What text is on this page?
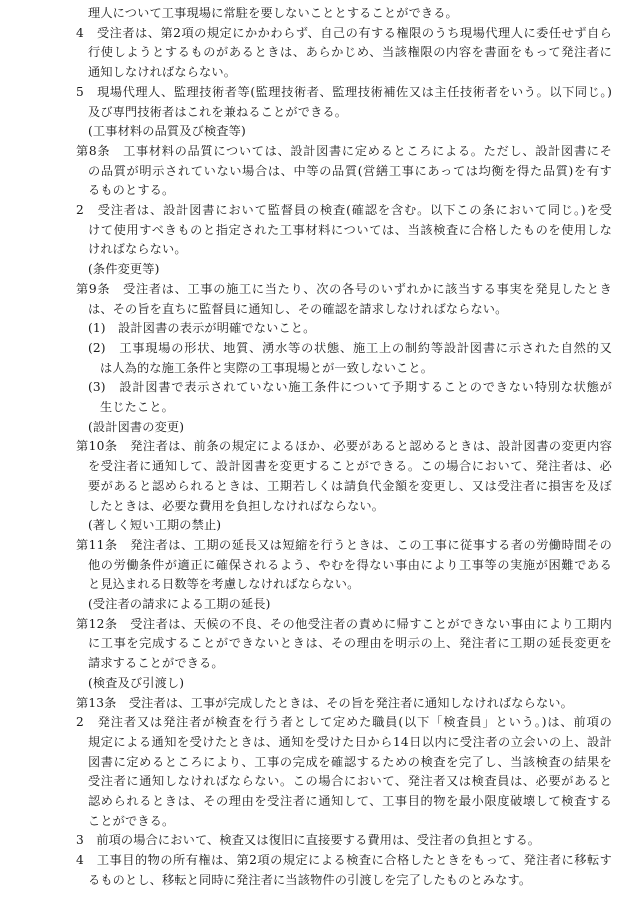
理人について工事現場に常駐を要しないこととすることができる。
4　受注者は、第2項の規定にかかわらず、自己の有する権限のうち現場代理人に委任せず自ら
行使しようとするものがあるときは、あらかじめ、当該権限の内容を書面をもって発注者に
通知しなければならない。
5　現場代理人、監理技術者等(監理技術者、監理技術補佐又は主任技術者をいう。以下同じ。)
及び専門技術者はこれを兼ねることができる。
(工事材料の品質及び検査等)
第8条　工事材料の品質については、設計図書に定めるところによる。ただし、設計図書にそ
の品質が明示されていない場合は、中等の品質(営繕工事にあっては均衡を得た品質)を有す
るものとする。
2　受注者は、設計図書において監督員の検査(確認を含む。以下この条において同じ。)を受
けて使用すべきものと指定された工事材料については、当該検査に合格したものを使用しな
ければならない。
(条件変更等)
第9条　受注者は、工事の施工に当たり、次の各号のいずれかに該当する事実を発見したとき
は、その旨を直ちに監督員に通知し、その確認を請求しなければならない。
(1)　設計図書の表示が明確でないこと。
(2)　工事現場の形状、地質、湧水等の状態、施工上の制約等設計図書に示された自然的又
は人為的な施工条件と実際の工事現場とが一致しないこと。
(3)　設計図書で表示されていない施工条件について予期することのできない特別な状態が
生じたこと。
(設計図書の変更)
第10条　発注者は、前条の規定によるほか、必要があると認めるときは、設計図書の変更内容
を受注者に通知して、設計図書を変更することができる。この場合において、発注者は、必
要があると認められるときは、工期若しくは請負代金額を変更し、又は受注者に損害を及ぼ
したときは、必要な費用を負担しなければならない。
(著しく短い工期の禁止)
第11条　発注者は、工期の延長又は短縮を行うときは、この工事に従事する者の労働時間その
他の労働条件が適正に確保されるよう、やむを得ない事由により工事等の実施が困難である
と見込まれる日数等を考慮しなければならない。
(受注者の請求による工期の延長)
第12条　受注者は、天候の不良、その他受注者の責めに帰すことができない事由により工期内
に工事を完成することができないときは、その理由を明示の上、発注者に工期の延長変更を
請求することができる。
(検査及び引渡し)
第13条　受注者は、工事が完成したときは、その旨を発注者に通知しなければならない。
2　発注者又は発注者が検査を行う者として定めた職員(以下「検査員」という。)は、前項の
規定による通知を受けたときは、通知を受けた日から14日以内に受注者の立会いの上、設計
図書に定めるところにより、工事の完成を確認するための検査を完了し、当該検査の結果を
受注者に通知しなければならない。この場合において、発注者又は検査員は、必要があると
認められるときは、その理由を受注者に通知して、工事目的物を最小限度破壊して検査する
ことができる。
3　前項の場合において、検査又は復旧に直接要する費用は、受注者の負担とする。
4　工事目的物の所有権は、第2項の規定による検査に合格したときをもって、発注者に移転す
るものとし、移転と同時に発注者に当該物件の引渡しを完了したものとみなす。
